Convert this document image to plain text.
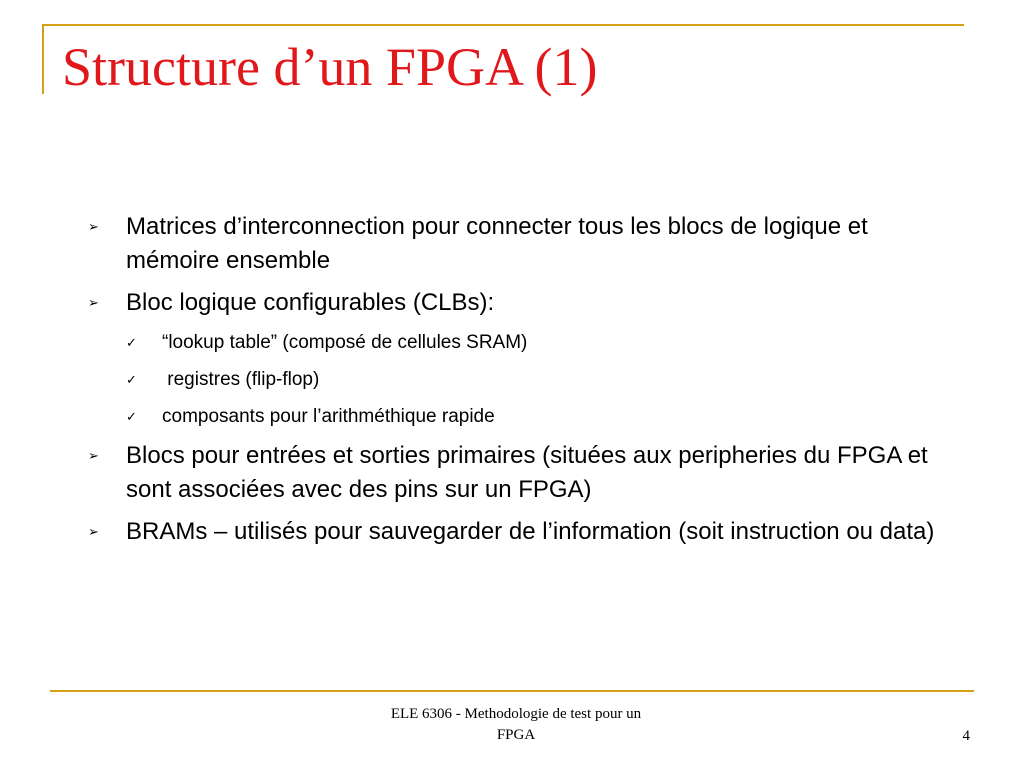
Structure d’un FPGA (1)

➢ Matrices d’interconnection pour connecter tous les blocs de logique et mémoire ensemble

➢ Bloc logique configurables (CLBs):

✓ “lookup table” (composé de cellules SRAM)

✓ registres (flip-flop)

✓ composants pour l’arithméthique rapide

➢ Blocs pour entrées et sorties primaires (situées aux peripheries du FPGA et sont associées avec des pins sur un FPGA)

➢ BRAMs – utilisés pour sauvegarder de l’information (soit instruction ou data)

ELE 6306 - Methodologie de test pour un
FPGA	4
